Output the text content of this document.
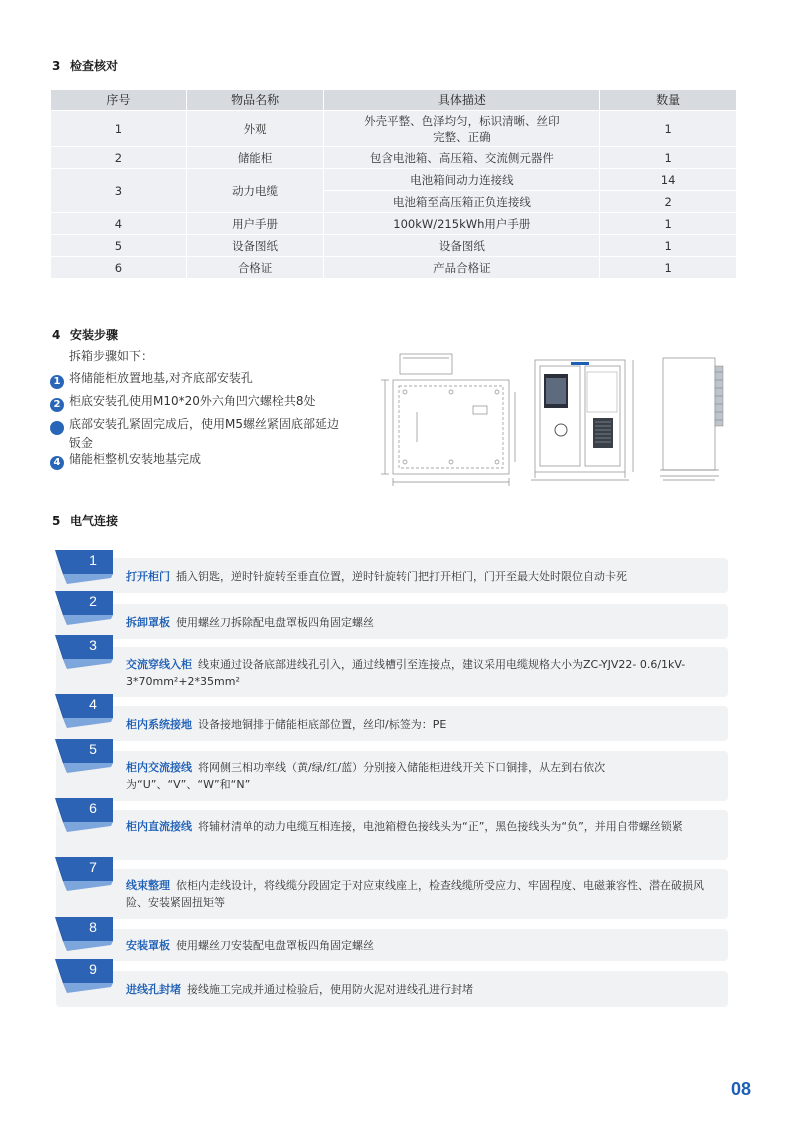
3 检查核对
序号	物品名称	具体描述	数量
1	外观	外壳平整、色泽均匀，标识清晰、丝印完整、正确	1
2	储能柜	包含电池箱、高压箱、交流侧元器件	1
3	动力电缆	电池箱间动力连接线	14
		电池箱至高压箱正负连接线	2
4	用户手册	100kW/215kWh用户手册	1
5	设备图纸	设备图纸	1
6	合格证	产品合格证	1
4 安装步骤
拆箱步骤如下：
1 将储能柜放置地基,对齐底部安装孔
2 柜底安装孔使用M10*20外六角凹穴螺栓共8处
3 底部安装孔紧固完成后，使用M5螺丝紧固底部延边钣金
4 储能柜整机安装地基完成
5 电气连接
打开柜门 插入钥匙，逆时针旋转至垂直位置，逆时针旋转门把打开柜门，门开至最大处时限位自动卡死
拆卸罩板 使用螺丝刀拆除配电盘罩板四角固定螺丝
交流穿线入柜 线束通过设备底部进线孔引入，通过线槽引至连接点，建议采用电缆规格大小为ZC-YJV22- 0.6/1kV-3*70mm²+2*35mm²
柜内系统接地 设备接地铜排于储能柜底部位置，丝印/标签为：PE
柜内交流接线 将网侧三相功率线（黄/绿/红/蓝）分别接入储能柜进线开关下口铜排，从左到右依次为“U”、“V”、“W”和“N”
柜内直流接线 将辅材清单的动力电缆互相连接，电池箱橙色接线头为“正”，黑色接线头为“负”，并用自带螺丝锁紧
线束整理 依柜内走线设计，将线缆分段固定于对应束线座上，检查线缆所受应力、牢固程度、电磁兼容性、潜在破损风险、安装紧固扭矩等
安装罩板 使用螺丝刀安装配电盘罩板四角固定螺丝
进线孔封堵 接线施工完成并通过检验后，使用防火泥对进线孔进行封堵
1
2
3
4
5
6
7
8
9
08
